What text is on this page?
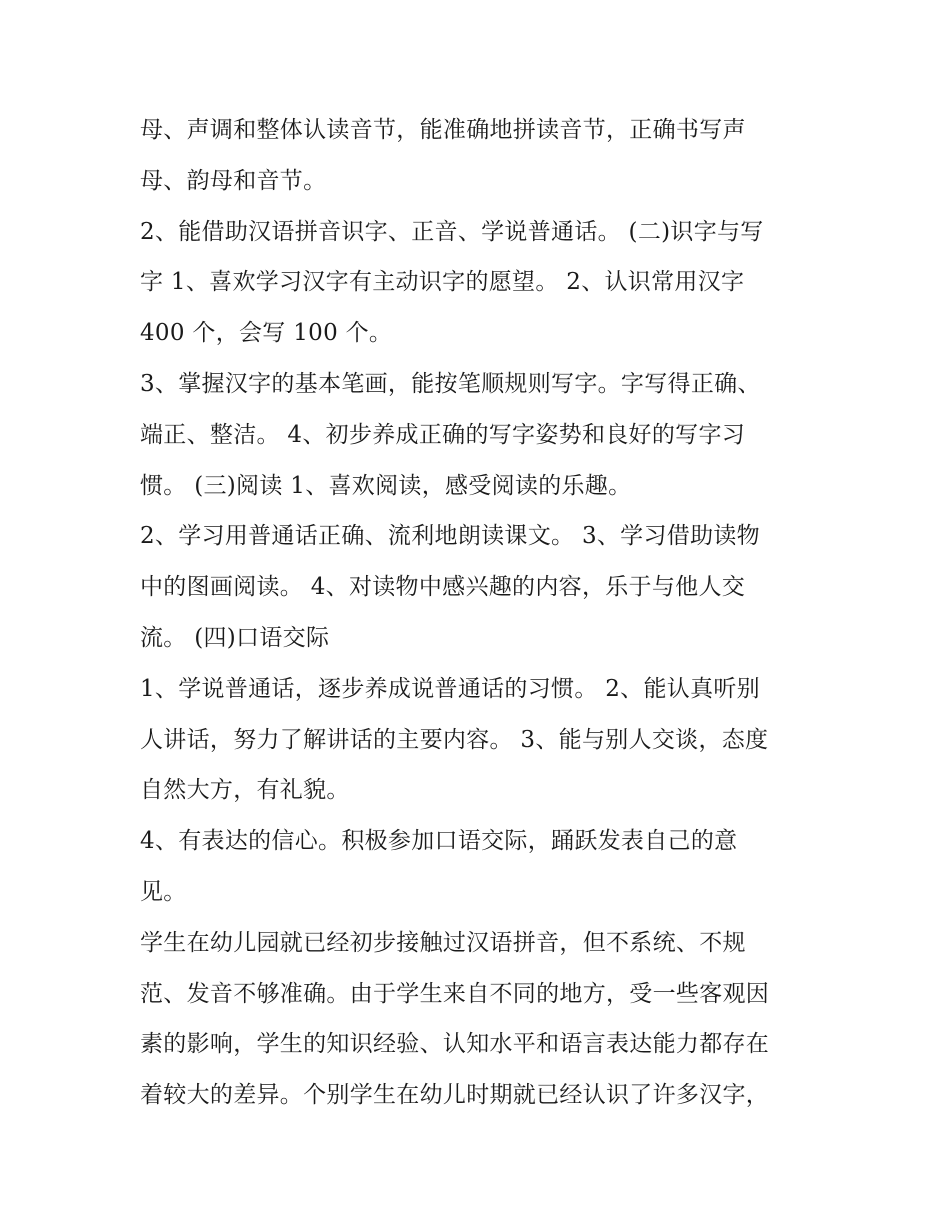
母、声调和整体认读音节，能准确地拼读音节，正确书写声
母、韵母和音节。
2、能借助汉语拼音识字、正音、学说普通话。 (二)识字与写
字 1、喜欢学习汉字有主动识字的愿望。 2、认识常用汉字
400 个，会写 100 个。
3、掌握汉字的基本笔画，能按笔顺规则写字。字写得正确、
端正、整洁。 4、初步养成正确的写字姿势和良好的写字习
惯。 (三)阅读 1、喜欢阅读，感受阅读的乐趣。
2、学习用普通话正确、流利地朗读课文。 3、学习借助读物
中的图画阅读。 4、对读物中感兴趣的内容，乐于与他人交
流。 (四)口语交际
1、学说普通话，逐步养成说普通话的习惯。 2、能认真听别
人讲话，努力了解讲话的主要内容。 3、能与别人交谈，态度
自然大方，有礼貌。
4、有表达的信心。积极参加口语交际，踊跃发表自己的意
见。
学生在幼儿园就已经初步接触过汉语拼音，但不系统、不规
范、发音不够准确。由于学生来自不同的地方，受一些客观因
素的影响，学生的知识经验、认知水平和语言表达能力都存在
着较大的差异。个别学生在幼儿时期就已经认识了许多汉字，
